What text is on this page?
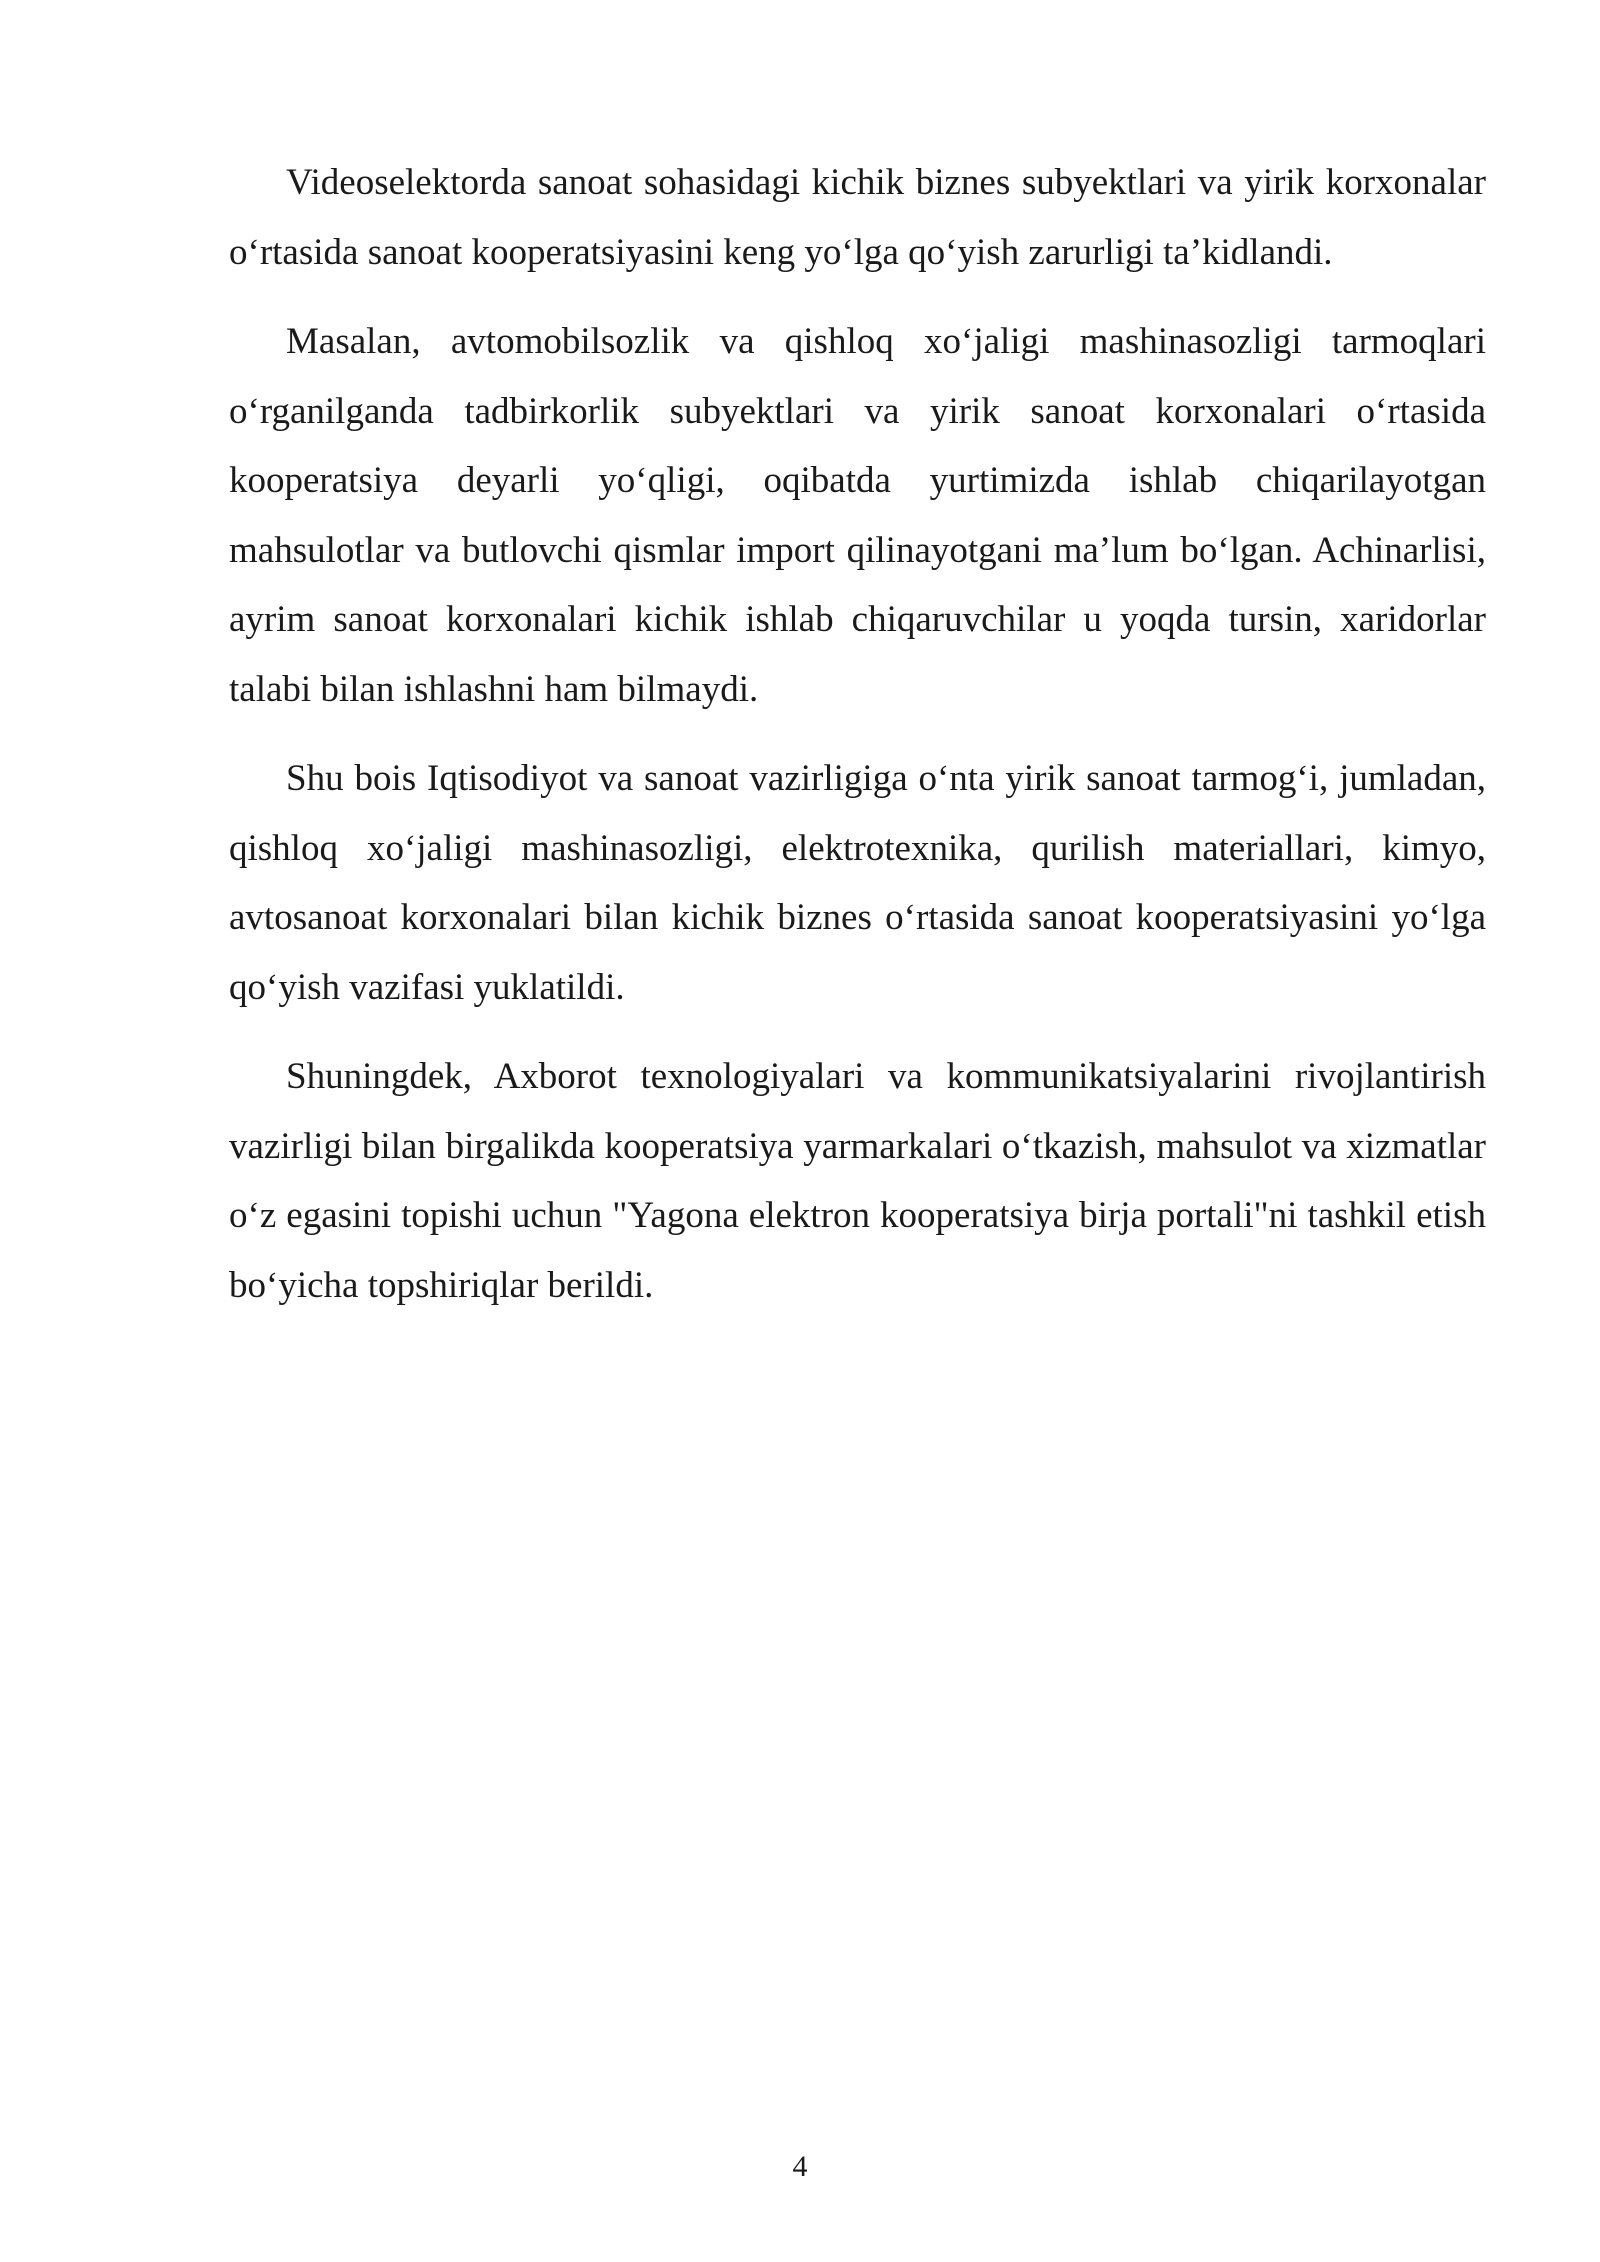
Videoselektorda sanoat sohasidagi kichik biznes subyektlari va yirik korxonalar o‘rtasida sanoat kooperatsiyasini keng yo‘lga qo‘yish zarurligi ta’kidlandi.

Masalan, avtomobilsozlik va qishloq xo‘jaligi mashinasozligi tarmoqlari o‘rganilganda tadbirkorlik subyektlari va yirik sanoat korxonalari o‘rtasida kooperatsiya deyarli yo‘qligi, oqibatda yurtimizda ishlab chiqarilayotgan mahsulotlar va butlovchi qismlar import qilinayotgani ma’lum bo‘lgan. Achinarlisi, ayrim sanoat korxonalari kichik ishlab chiqaruvchilar u yoqda tursin, xaridorlar talabi bilan ishlashni ham bilmaydi.

Shu bois Iqtisodiyot va sanoat vazirligiga o‘nta yirik sanoat tarmog‘i, jumladan, qishloq xo‘jaligi mashinasozligi, elektrotexnika, qurilish materiallari, kimyo, avtosanoat korxonalari bilan kichik biznes o‘rtasida sanoat kooperatsiyasini yo‘lga qo‘yish vazifasi yuklatildi.

Shuningdek, Axborot texnologiyalari va kommunikatsiyalarini rivojlantirish vazirligi bilan birgalikda kooperatsiya yarmarkalari o‘tkazish, mahsulot va xizmatlar o‘z egasini topishi uchun "Yagona elektron kooperatsiya birja portali"ni tashkil etish bo‘yicha topshiriqlar berildi.

4
